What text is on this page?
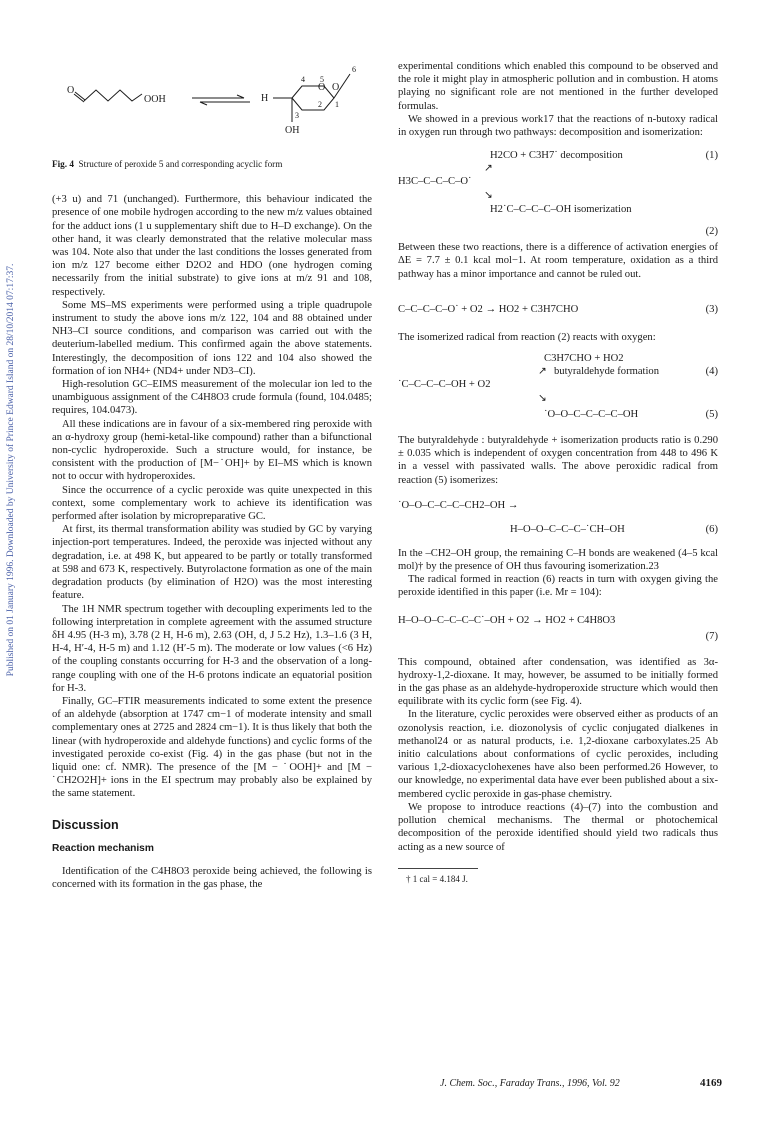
Published on 01 January 1996. Downloaded by University of Prince Edward Island on 28/10/2014 07:17:37.
O
OOH
O O
H
OH
4 5
6
2 1
3
Fig. 4 Structure of peroxide 5 and corresponding acyclic form

(+3 u) and 71 (unchanged). Furthermore, this behaviour indicated the presence of one mobile hydrogen according to the new m/z values obtained for the adduct ions (1 u supplementary shift due to H–D exchange). On the other hand, it was clearly demonstrated that the relative molecular mass was 104. Note also that under the last conditions the losses generated from ion m/z 127 become either D2O2 and HDO (one hydrogen coming necessarily from the initial substrate) to give ions at m/z 91 and 108, respectively.

Some MS–MS experiments were performed using a triple quadrupole instrument to study the above ions m/z 122, 104 and 88 obtained under NH3–CI source conditions, and comparison was carried out with the deuterium-labelled medium. This confirmed again the above statements. Interestingly, the decomposition of ions 122 and 104 also showed the formation of ion NH4+ (ND4+ under ND3–CI).

High-resolution GC–EIMS measurement of the molecular ion led to the unambiguous assignment of the C4H8O3 crude formula (found, 104.0485; requires, 104.0473).

All these indications are in favour of a six-membered ring peroxide with an α-hydroxy group (hemi-ketal-like compound) rather than a bifunctional non-cyclic hydroperoxide. Such a structure would, for instance, be consistent with the production of [M−˙OH]+ by EI–MS which is known not to occur with hydroperoxides.

Since the occurrence of a cyclic peroxide was quite unexpected in this context, some complementary work to achieve its identification was performed after isolation by micropreparative GC.

At first, its thermal transformation ability was studied by GC by varying injection-port temperatures. Indeed, the peroxide was injected without any degradation, i.e. at 498 K, but appeared to be partly or totally transformed at 598 and 673 K, respectively. Butyrolactone formation as one of the main degradation products (by elimination of H2O) was the most interesting feature.

The 1H NMR spectrum together with decoupling experiments led to the following interpretation in complete agreement with the assumed structure δH 4.95 (H-3 m), 3.78 (2 H, H-6 m), 2.63 (OH, d, J 5.2 Hz), 1.3–1.6 (3 H, H-4, H′-4, H-5 m) and 1.12 (H′-5 m). The moderate or low values (<6 Hz) of the coupling constants occurring for H-3 and the observation of a long-range coupling with one of the H-6 protons indicate an equatorial position for H-3.

Finally, GC–FTIR measurements indicated to some extent the presence of an aldehyde (absorption at 1747 cm−1 of moderate intensity and small complementary ones at 2725 and 2824 cm−1). It is thus likely that both the linear (with hydroperoxide and aldehyde functions) and cyclic forms of the investigated peroxide co-exist (Fig. 4) in the gas phase (but not in the liquid one: cf. NMR). The presence of the [M − ˙OOH]+ and [M − ˙CH2O2H]+ ions in the EI spectrum may probably also be explained by the same statement.

Discussion
Reaction mechanism

Identification of the C4H8O3 peroxide being achieved, the following is concerned with its formation in the gas phase, the

experimental conditions which enabled this compound to be observed and the role it might play in atmospheric pollution and in combustion. H atoms playing no significant role are not mentioned in the further developed formulas.

We showed in a previous work17 that the reactions of n-butoxy radical in oxygen run through two pathways: decomposition and isomerization:

H2CO + C3H7˙ decomposition	(1)
↗
H3C–C–C–C–O˙
↘
H2˙C–C–C–C–OH isomerization
(2)

Between these two reactions, there is a difference of activation energies of ΔE = 7.7 ± 0.1 kcal mol−1. At room temperature, oxidation as a third pathway has a minor importance and cannot be ruled out.

C–C–C–C–O˙ + O2 → HO2 + C3H7CHO	(3)

The isomerized radical from reaction (2) reacts with oxygen:

C3H7CHO + HO2
↗ butyraldehyde formation	(4)
˙C–C–C–C–OH + O2
↘
˙O–O–C–C–C–C–OH	(5)

The butyraldehyde : butyraldehyde + isomerization products ratio is 0.290 ± 0.035 which is independent of oxygen concentration from 448 to 496 K in a vessel with passivated walls. The above peroxidic radical from reaction (5) isomerizes:

˙O–O–C–C–C–CH2–OH →
H–O–O–C–C–C–˙CH–OH	(6)

In the –CH2–OH group, the remaining C–H bonds are weakened (4–5 kcal mol)† by the presence of OH thus favouring isomerization.23

The radical formed in reaction (6) reacts in turn with oxygen giving the peroxide identified in this paper (i.e. Mr = 104):

H–O–O–C–C–C–C˙–OH + O2 → HO2 + C4H8O3
(7)

This compound, obtained after condensation, was identified as 3α-hydroxy-1,2-dioxane. It may, however, be assumed to be initially formed in the gas phase as an aldehyde-hydroperoxide structure which would then equilibrate with its cyclic form (see Fig. 4).

In the literature, cyclic peroxides were observed either as products of an ozonolysis reaction, i.e. diozonolysis of cyclic conjugated dialkenes in methanol24 or as natural products, i.e. 1,2-dioxane carboxylates.25 Ab initio calculations about conformations of cyclic peroxides, including various 1,2-dioxacyclohexenes have also been performed.26 However, to our knowledge, no experimental data have ever been published about a six-membered cyclic peroxide in gas-phase chemistry.

We propose to introduce reactions (4)–(7) into the combustion and pollution chemical mechanisms. The thermal or photochemical decomposition of the peroxide identified should yield two radicals thus acting as a new source of

† 1 cal = 4.184 J.
J. Chem. Soc., Faraday Trans., 1996, Vol. 92	4169
